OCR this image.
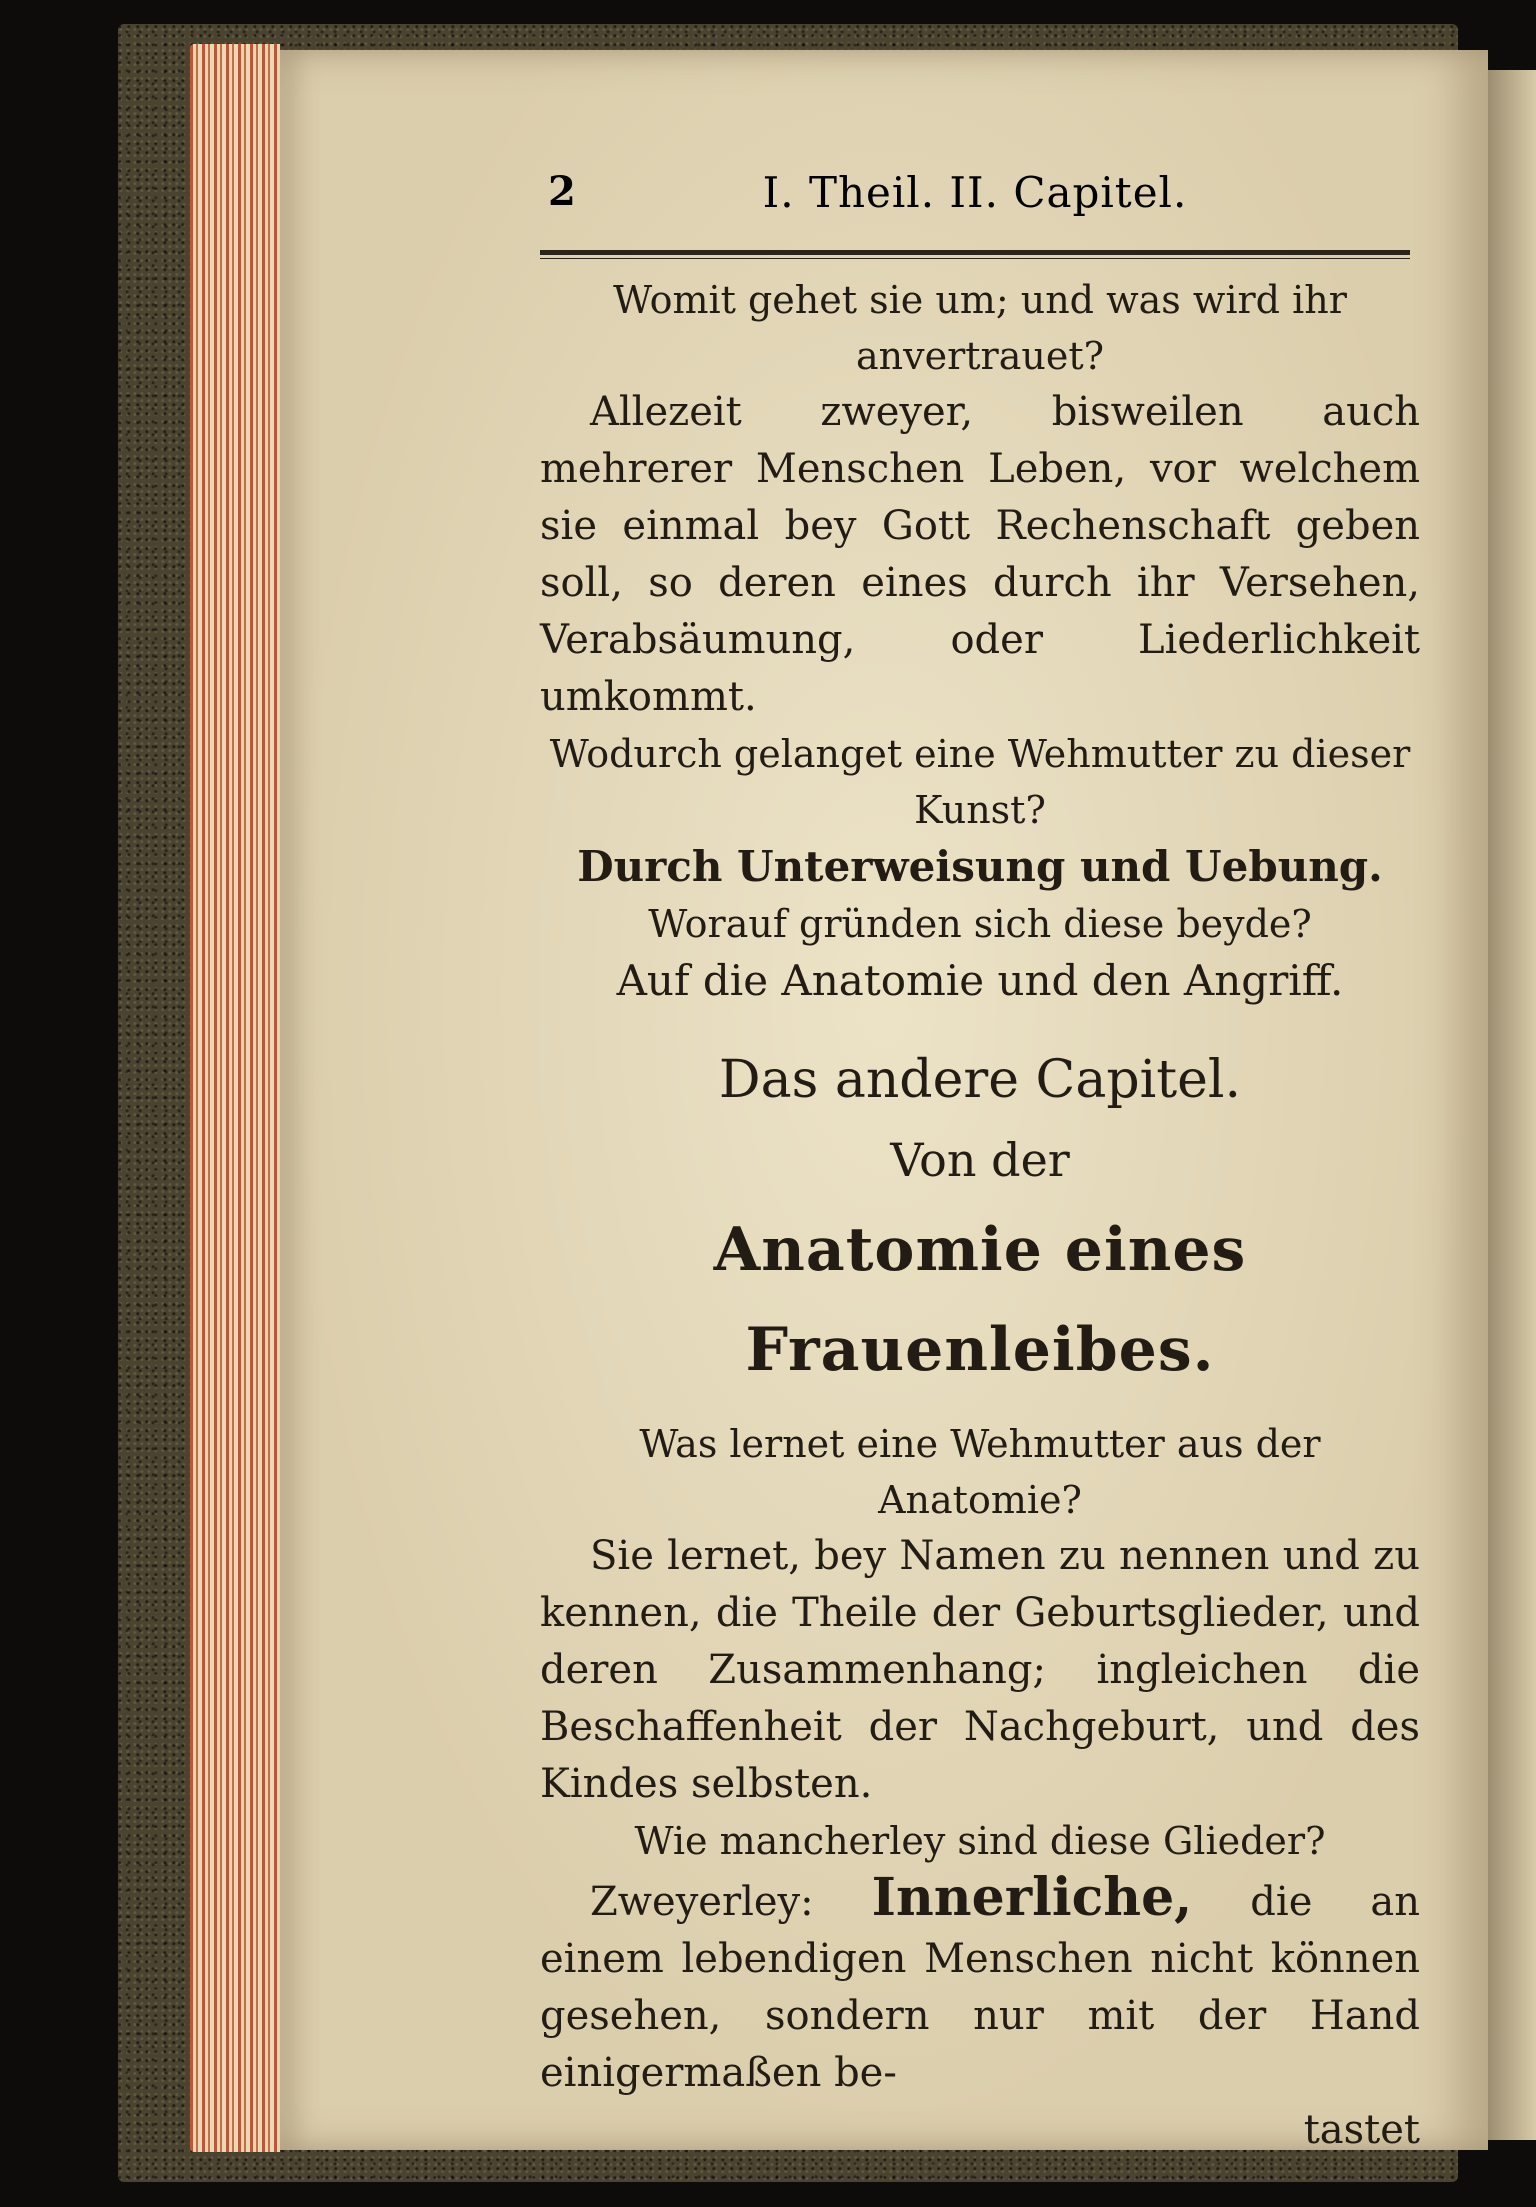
2	I. Theil. II. Capitel.

Womit gehet sie um; und was wird ihr anvertrauet?

Allezeit zweyer, bisweilen auch mehrerer Menschen Leben, vor welchem sie einmal bey Gott Rechenschaft geben soll, so deren eines durch ihr Versehen, Verabsäumung, oder Liederlichkeit umkommt.

Wodurch gelanget eine Wehmutter zu dieser Kunst?

Durch Unterweisung und Uebung.

Worauf gründen sich diese beyde?

Auf die Anatomie und den Angriff.

Das andere Capitel.

Von der

Anatomie eines Frauenleibes.

Was lernet eine Wehmutter aus der Anatomie?

Sie lernet, bey Namen zu nennen und zu kennen, die Theile der Geburtsglieder, und deren Zusammenhang; ingleichen die Beschaffenheit der Nachgeburt, und des Kindes selbsten.

Wie mancherley sind diese Glieder?

Zweyerley: Innerliche, die an einem lebendigen Menschen nicht können gesehen, sondern nur mit der Hand einigermaßen be-

tastet
